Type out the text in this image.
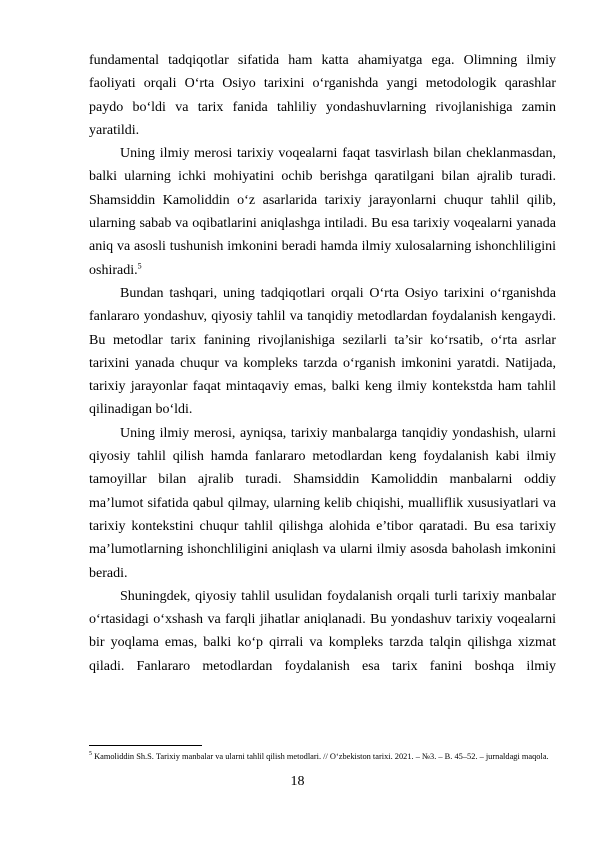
fundamental tadqiqotlar sifatida ham katta ahamiyatga ega. Olimning ilmiy faoliyati orqali O‘rta Osiyo tarixini o‘rganishda yangi metodologik qarashlar paydo bo‘ldi va tarix fanida tahliliy yondashuvlarning rivojlanishiga zamin yaratildi.

Uning ilmiy merosi tarixiy voqealarni faqat tasvirlash bilan cheklanmasdan, balki ularning ichki mohiyatini ochib berishga qaratilgani bilan ajralib turadi. Shamsiddin Kamoliddin o‘z asarlarida tarixiy jarayonlarni chuqur tahlil qilib, ularning sabab va oqibatlarini aniqlashga intiladi. Bu esa tarixiy voqealarni yanada aniq va asosli tushunish imkonini beradi hamda ilmiy xulosalarning ishonchliligini oshiradi.$^5$

Bundan tashqari, uning tadqiqotlari orqali O‘rta Osiyo tarixini o‘rganishda fanlararo yondashuv, qiyosiy tahlil va tanqidiy metodlardan foydalanish kengaydi. Bu metodlar tarix fanining rivojlanishiga sezilarli ta’sir ko‘rsatib, o‘rta asrlar tarixini yanada chuqur va kompleks tarzda o‘rganish imkonini yaratdi. Natijada, tarixiy jarayonlar faqat mintaqaviy emas, balki keng ilmiy kontekstda ham tahlil qilinadigan bo‘ldi.

Uning ilmiy merosi, ayniqsa, tarixiy manbalarga tanqidiy yondashish, ularni qiyosiy tahlil qilish hamda fanlararo metodlardan keng foydalanish kabi ilmiy tamoyillar bilan ajralib turadi. Shamsiddin Kamoliddin manbalarni oddiy ma’lumot sifatida qabul qilmay, ularning kelib chiqishi, mualliflik xususiyatlari va tarixiy kontekstini chuqur tahlil qilishga alohida e’tibor qaratadi. Bu esa tarixiy ma’lumotlarning ishonchliligini aniqlash va ularni ilmiy asosda baholash imkonini beradi.

Shuningdek, qiyosiy tahlil usulidan foydalanish orqali turli tarixiy manbalar o‘rtasidagi o‘xshash va farqli jihatlar aniqlanadi. Bu yondashuv tarixiy voqealarni bir yoqlama emas, balki ko‘p qirrali va kompleks tarzda talqin qilishga xizmat qiladi. Fanlararo metodlardan foydalanish esa tarix fanini boshqa ilmiy

$^5$ Kamoliddin Sh.S. Tarixiy manbalar va ularni tahlil qilish metodlari. // O‘zbekiston tarixi. 2021. – №3. – B. 45–52. – jurnaldagi maqola.
18
